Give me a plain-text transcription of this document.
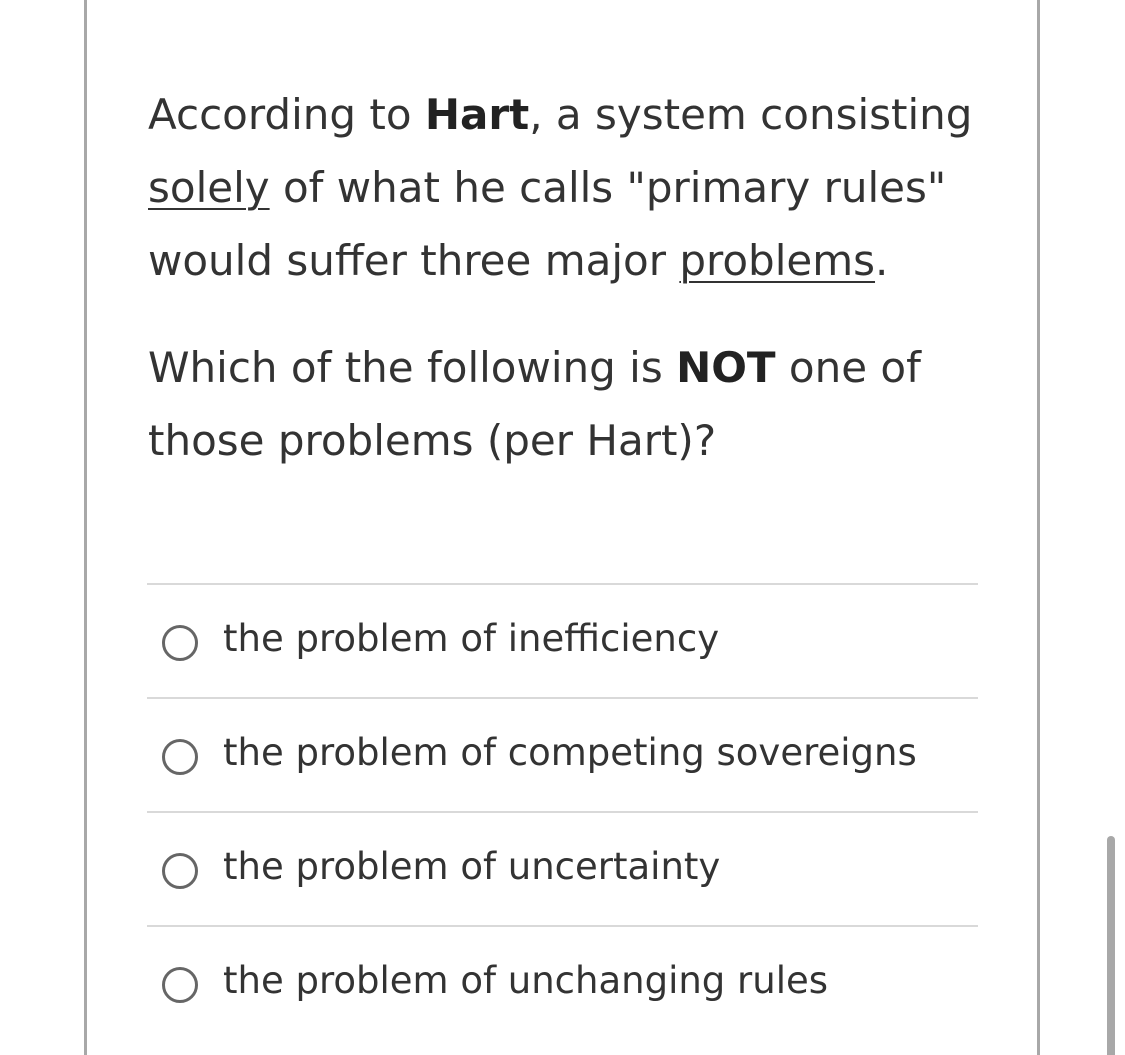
According to Hart, a system consisting
solely of what he calls "primary rules" would suffer three major problems.

Which of the following is NOT one of those problems (per Hart)?

the problem of inefficiency
the problem of competing sovereigns
the problem of uncertainty
the problem of unchanging rules
